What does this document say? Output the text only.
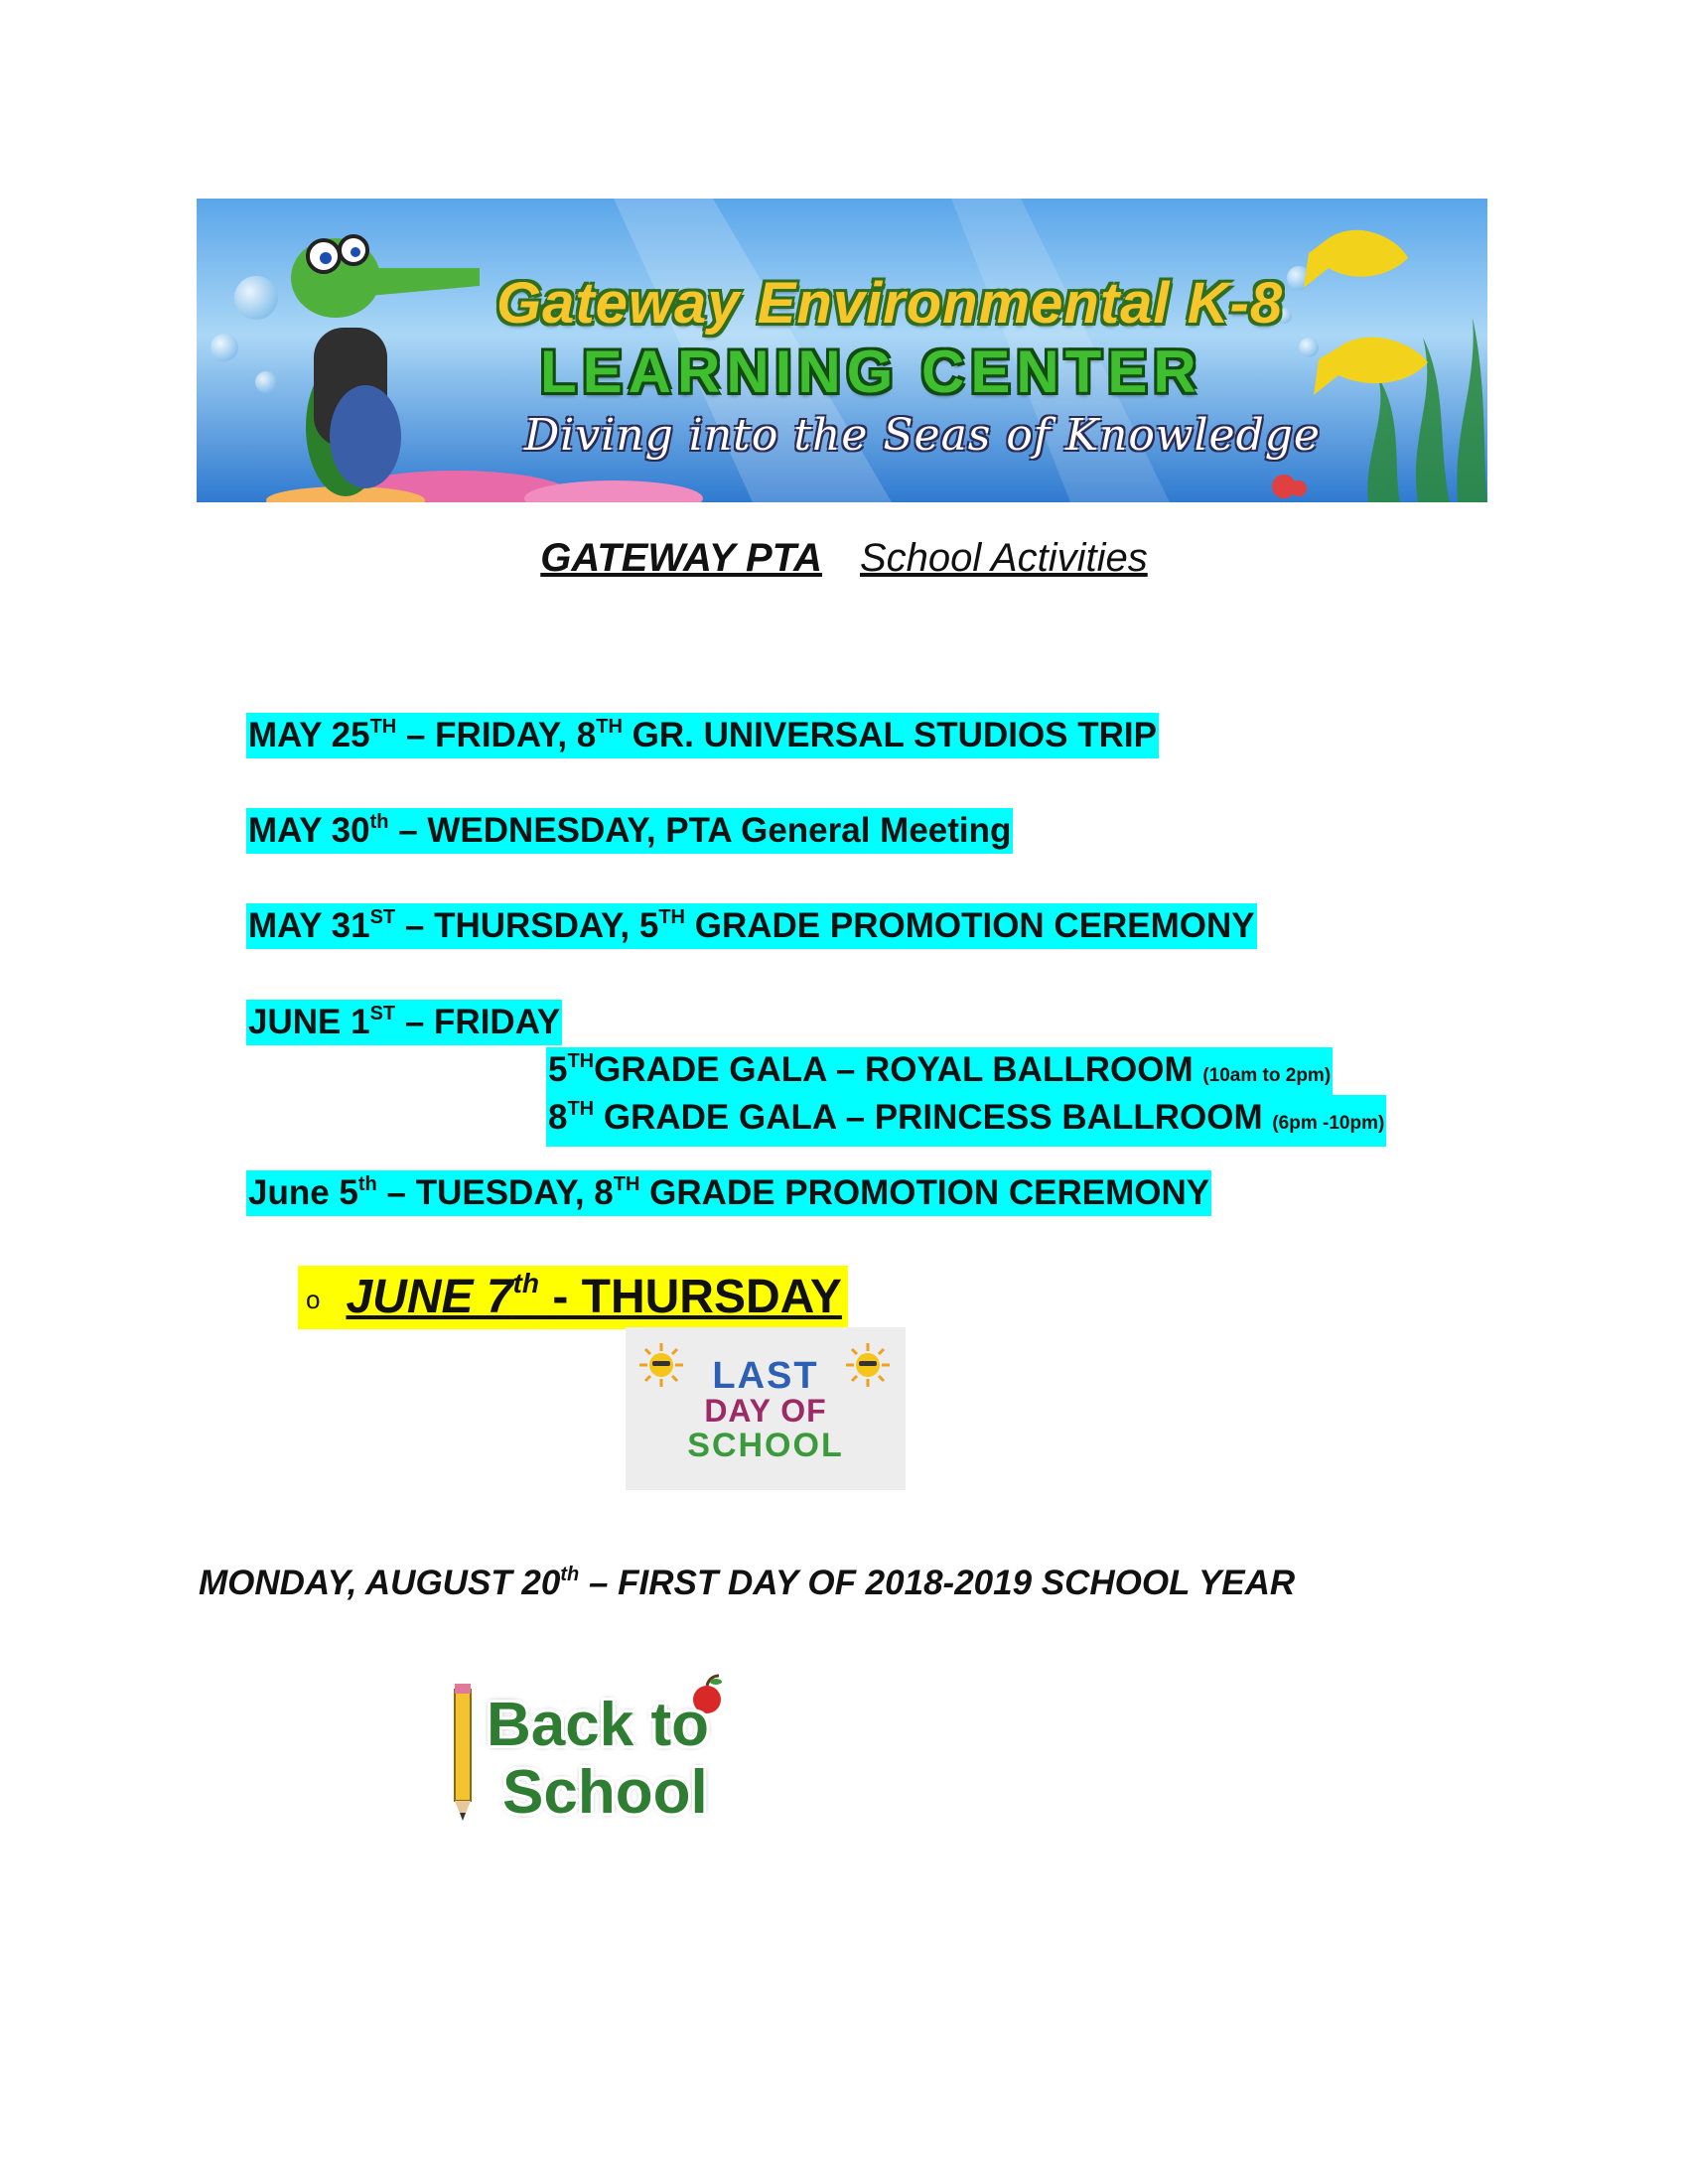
Gateway Environmental K-8
LEARNING CENTER
Diving into the Seas of Knowledge
GATEWAY PTA School Activities
MAY 25TH – FRIDAY, 8TH GR. UNIVERSAL STUDIOS TRIP
MAY 30th – WEDNESDAY, PTA General Meeting
MAY 31ST – THURSDAY, 5TH GRADE PROMOTION CEREMONY
JUNE 1ST – FRIDAY
5THGRADE GALA – ROYAL BALLROOM (10am to 2pm)
8TH GRADE GALA – PRINCESS BALLROOM (6pm -10pm)
June 5th – TUESDAY, 8TH GRADE PROMOTION CEREMONY
o JUNE 7th - THURSDAY
LAST
DAY OF
SCHOOL
MONDAY, AUGUST 20th – FIRST DAY OF 2018-2019 SCHOOL YEAR
Back to
School
